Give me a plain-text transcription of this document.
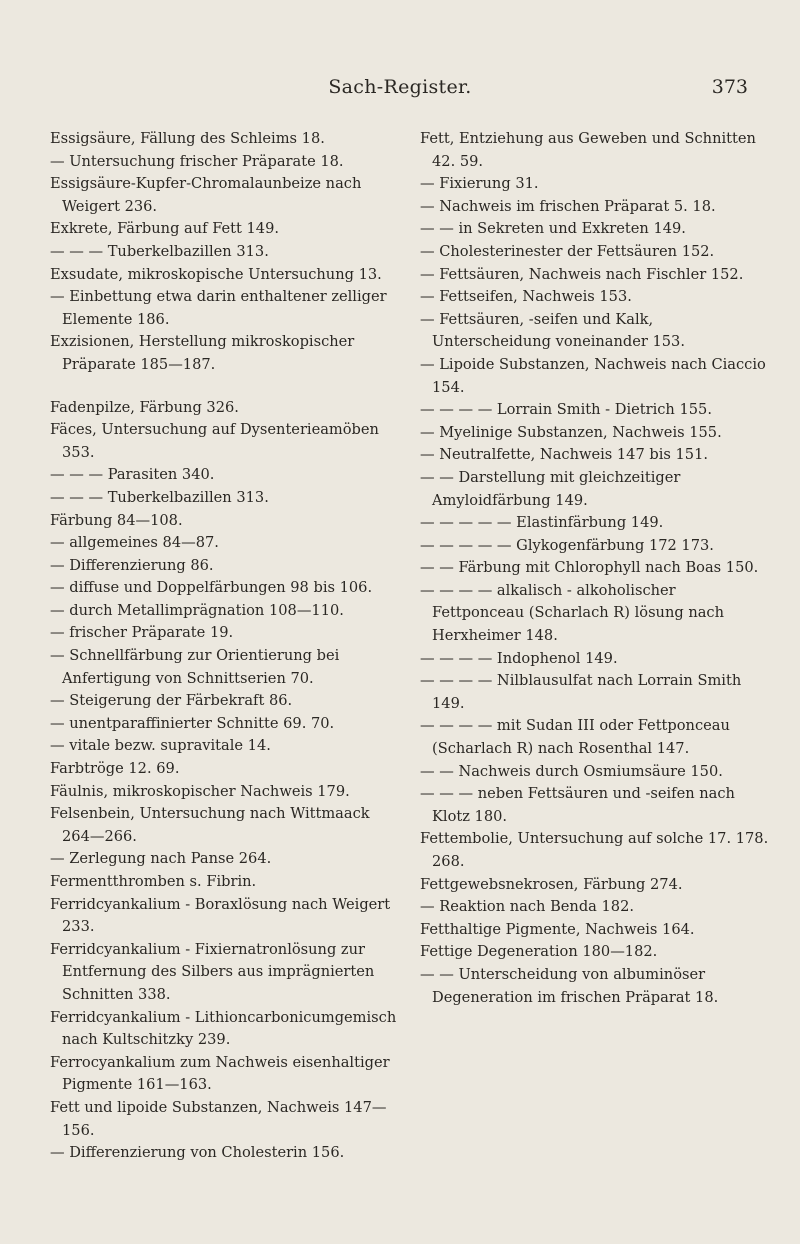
Sach-Register.	373

Essigsäure, Fällung des Schleims 18.

— Untersuchung frischer Präparate 18.

Essigsäure-Kupfer-Chromalaunbeize nach Weigert 236.

Exkrete, Färbung auf Fett 149.

— — — Tuberkelbazillen 313.

Exsudate, mikroskopische Untersuchung 13.

— Einbettung etwa darin enthaltener zelliger Elemente 186.

Exzisionen, Herstellung mikroskopischer Präparate 185—187.

Fadenpilze, Färbung 326.

Fäces, Untersuchung auf Dysenterieamöben 353.

— — — Parasiten 340.

— — — Tuberkelbazillen 313.

Färbung 84—108.

— allgemeines 84—87.

— Differenzierung 86.

— diffuse und Doppelfärbungen 98 bis 106.

— durch Metallimprägnation 108—110.

— frischer Präparate 19.

— Schnellfärbung zur Orientierung bei Anfertigung von Schnittserien 70.

— Steigerung der Färbekraft 86.

— unentparaffinierter Schnitte 69. 70.

— vitale bezw. supravitale 14.

Farbtröge 12. 69.

Fäulnis, mikroskopischer Nachweis 179.

Felsenbein, Untersuchung nach Wittmaack 264—266.

— Zerlegung nach Panse 264.

Fermentthromben s. Fibrin.

Ferridcyankalium - Boraxlösung nach Weigert 233.

Ferridcyankalium - Fixiernatronlösung zur Entfernung des Silbers aus imprägnierten Schnitten 338.

Ferridcyankalium - Lithioncarbonicumgemisch nach Kultschitzky 239.

Ferrocyankalium zum Nachweis eisenhaltiger Pigmente 161—163.

Fett und lipoide Substanzen, Nachweis 147—156.

— Differenzierung von Cholesterin 156.

Fett, Entziehung aus Geweben und Schnitten 42. 59.

— Fixierung 31.

— Nachweis im frischen Präparat 5. 18.

— — in Sekreten und Exkreten 149.

— Cholesterinester der Fettsäuren 152.

— Fettsäuren, Nachweis nach Fischler 152.

— Fettseifen, Nachweis 153.

— Fettsäuren, -seifen und Kalk, Unterscheidung voneinander 153.

— Lipoide Substanzen, Nachweis nach Ciaccio 154.

— — — — Lorrain Smith - Dietrich 155.

— Myelinige Substanzen, Nachweis 155.

— Neutralfette, Nachweis 147 bis 151.

— — Darstellung mit gleichzeitiger Amyloidfärbung 149.

— — — — — Elastinfärbung 149.

— — — — — Glykogenfärbung 172 173.

— — Färbung mit Chlorophyll nach Boas 150.

— — — — alkalisch - alkoholischer Fettponceau (Scharlach R) lösung nach Herxheimer 148.

— — — — Indophenol 149.

— — — — Nilblausulfat nach Lorrain Smith 149.

— — — — mit Sudan III oder Fettponceau (Scharlach R) nach Rosenthal 147.

— — Nachweis durch Osmiumsäure 150.

— — — neben Fettsäuren und -seifen nach Klotz 180.

Fettembolie, Untersuchung auf solche 17. 178. 268.

Fettgewebsnekrosen, Färbung 274.

— Reaktion nach Benda 182.

Fetthaltige Pigmente, Nachweis 164.

Fettige Degeneration 180—182.

— — Unterscheidung von albuminöser Degeneration im frischen Präparat 18.
